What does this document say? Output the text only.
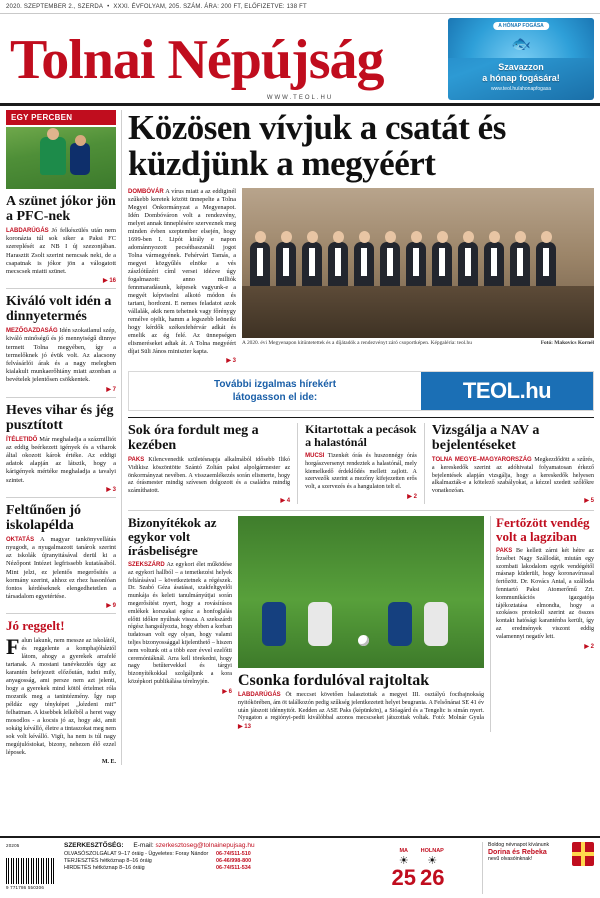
2020. SZEPTEMBER 2., SZERDA • XXXI. ÉVFOLYAM, 205. SZÁM. ÁRA: 200 FT, ELŐFIZETVE: 138 FT
Tolnai Népújság
WWW.TEOL.HU
A HÓNAP FOGÁSA
🐟
Szavazzon
a hónap fogására!
www.teol.hu/ahonapfogasa
EGY PERCBEN
A szünet jókor jön a PFC-nek
LABDARÚGÁS Jó felkészülés után nem koronázta túl sok siker a Paksi FC szereplését az NB I új szezonjában. Harasztit Zsolt szerint nemcsak neki, de a csapatnak is jókor jön a válogatott mecscsek miatti szünet.
▶ 16
Kiváló volt idén a dinnyetermés
MEZŐGAZDASÁG Idén szokatlanul szép, kiváló minőségű és jó mennyiségű dinnye termett Tolna megyében, így a termelőknek jó évük volt. Az alacsony felvásárlói árak és a nagy melegben kialakult munkaerőhiány miatt azonban a bevételek jelentősen csökkentek.
▶ 7
Heves vihar és jég pusztított
ÍTÉLETIDŐ Már meghaladja a százmilliót az eddig beérkezett igények és a viharok által okozott károk értéke. Az eddigi adatok alapján az látszik, hogy a kárigények mértéke meghaladja a tavalyi szintet.
▶ 3
Feltűnően jó iskolapélda
OKTATÁS A magyar tankönyvellátás nyugodt, a nyugalmazott tanárok szerint az iskolák újranyitásával derül ki a Nézőpont Intézet legfrissebb kutatásából. Mint jelzi, ez jelentős megerősítés a kormány szerint, ahhoz ez rhez hasonlóan fontos kérdéseknek elengedhetetlen a társadalom egyetértése.
▶ 9
Jó reggelt!
Falun lakunk, nem messze az iskolától, és reggelente a komphajóháztól látom, ahogy a gyerekek arrafelé tartanak. A mostani tanévkezdés úgy az karantén befejezett előzőután, tudni mily, anyagosság, ami persze nem azt jelenti, hogy a gyerekek mind kötöl értelmet róla mozsnik meg a tanintézmény. Így nap példáz egy tényképet „kézdeni mit” felhatman. A kisebbek lelkéből a heret vagy mosodlos - a kocsis jó az, hogy aki, amit sokáig kéválló, életre a tintaszokat meg nem sok volt kéválló. Vigít, ha nem is túl nagy megújulóstokat, bizony, nehezen élő ezzel léposek.
M. E.
Közösen vívjuk a csatát és küzdjünk a megyéért
DOMBÓVÁR A vírus miatt a az eddiginél szűkebb keretek között ünnepelte a Tolna Megyei Önkormányzat a Megyenapot. Idén Dombóváron volt a rendezvény, melyet annak ünneplésére szerveznek meg minden évben szeptember elsején, hogy 1699-ben I. Lipót király e napon adománnyozott pecsétbaszsnáli jogot Tolna vármegyének. Fehérvári Tamás, a megyei közgyűlés elnöke a vés zászlótűzéri címl versei idézve úgy fogalmazott: anno milliók fennmaradásunk, képesek vagyunk-e a megyét képviselni alkotó módon és tartani, hordozni. E nemes feladatot azok vállalák, akik nem tehetnek vagy főrénygy remélve ojelik, hamm a legszebb leöneiki hogy kérdők székesfehérvár adkát és emelik az ég felé. Az ünnepségen elismeréseket adtak át. A Tolna megyéért díjat Süli János miniszter kapta.
▶ 3
A 2020. évi Megyenapon kitüntetettek és a díjátadók a rendezvényt záró csoportképen. Képgaléria: teol.hu	Fotó: Makovics Kornél
További izgalmas hírekért
látogasson el ide:	TEOL.hu
Sok óra fordult meg a kezében

PAKS Kilencvenedik születésnapja alkalmából idősebb Ilikó Vidikisz köszöntötte Szántó Zoltán paksi alpolgármester az önkormányzat nevében. A visszaemlékezés során elismerte, hogy az órásmester mindig szívesen dolgozott és a családra mindig számíthatott.

▶ 4
Kitartottak a pecások a halastónál

MUCSI Tizenkét órás és huszonnégy órás horgászversenyt rendeztek a halastónál, mely kiemelkedő érdeklődés mellett zajlott. A szervezők szerint a mezőny kifejezetten erős volt, a szervezés és a hangulaton telt el.

▶ 2
Vizsgálja a NAV a bejelentéseket

TOLNA MEGYE–MAGYARORSZÁG Megkezdődött a szűrés, a kereskedők szerint az adóhivatal folyamatosan érkező bejelentések alapján vizsgálja, hogy a kereskedők helyesen alkalmazták-e a kötelező szabályokat, a kézzel szedett szőlőkre vonatkozóan.

▶ 5
Bizonyítékok az egykor volt írásbeliségre

SZEKSZÁRD Az egykori élet működése az egykori hallból – a temetkezési helyek feltárásával – következtetnek a régészek. Dr. Szabó Géza ásatásai, szakfeltgyelői munkája és keleti tanulmányútjai során megerősítést nyert, hogy a rovásírásos emlékek korszakai egész a honfoglalás előtti időkre nyúlnak vissza. A szekszárdi régész hangsúlyozta, hogy ebben a korban tudatosan volt egy olyan, hogy valami teljes bizonyossággal kijelenthető – hiszen nem voltunk ott a több ezer évvel ezelőtti ceremóniáknál. Arra kell törekedni, hogy nagy betűtervekkel és tárgyi bizonyítékokkal szolgáljunk a kora középkori publikálása térelnyjén.

▶ 6
Csonka fordulóval rajtoltak
LABDARÚGÁS Öt meccset követően halasztottak a megyei III. osztályú focibajnokság nyitókörében, ám öt találkozón pedig szűkség jelentkezetett helyet beugrania. A Felsőnánai SE 41 év után játszott idénnyitót. Kedden az ASE Paks (képünkön), a Sióagárd és a Tengelic is simán nyert. Nyugaton a regiónyi-pedti kiválóbbal azonos mecscseket játszottak voltak. Fotó: Molnár Gyula ▶ 13
Fertőzött vendég volt a lagziban

PAKS Be kellett zárni két hétre az Írzsébet Nagy Szállodát, miután egy szombati lakodalom egyik vendégétől másnap küderült, hogy koronavírussal fertőzött. Dr. Kovács Antal, a szálloda fenntartó Paksi Atomerőmű Zrt. kommunikációs igazgatója tájékoztatása elmondta, hogy a szokásos protokoll szerint az összes kontakt hatósági karanténba került, így az eredmények viszont eddig valamennyi negatív lett.

▶ 2
20205
9 771786 550306
SZERKESZTŐSÉG: E-mail: szerkesztoseg@tolnainepujsag.hu
OLVASÓSZOLGÁLAT 9–17 óráig - Ügyeletes: Foray Nándor	06-74/511-510
TERJESZTÉS hétköznap 8–16 óráig	06-46/998-800
HIRDETÉS hétköznap 8–16 óráig	06-74/511-534
MA
☀
25
HOLNAP
☀
26
Boldog névnapot kívánunk
Dorina és Rebeka
nevű olvasóinknak!
